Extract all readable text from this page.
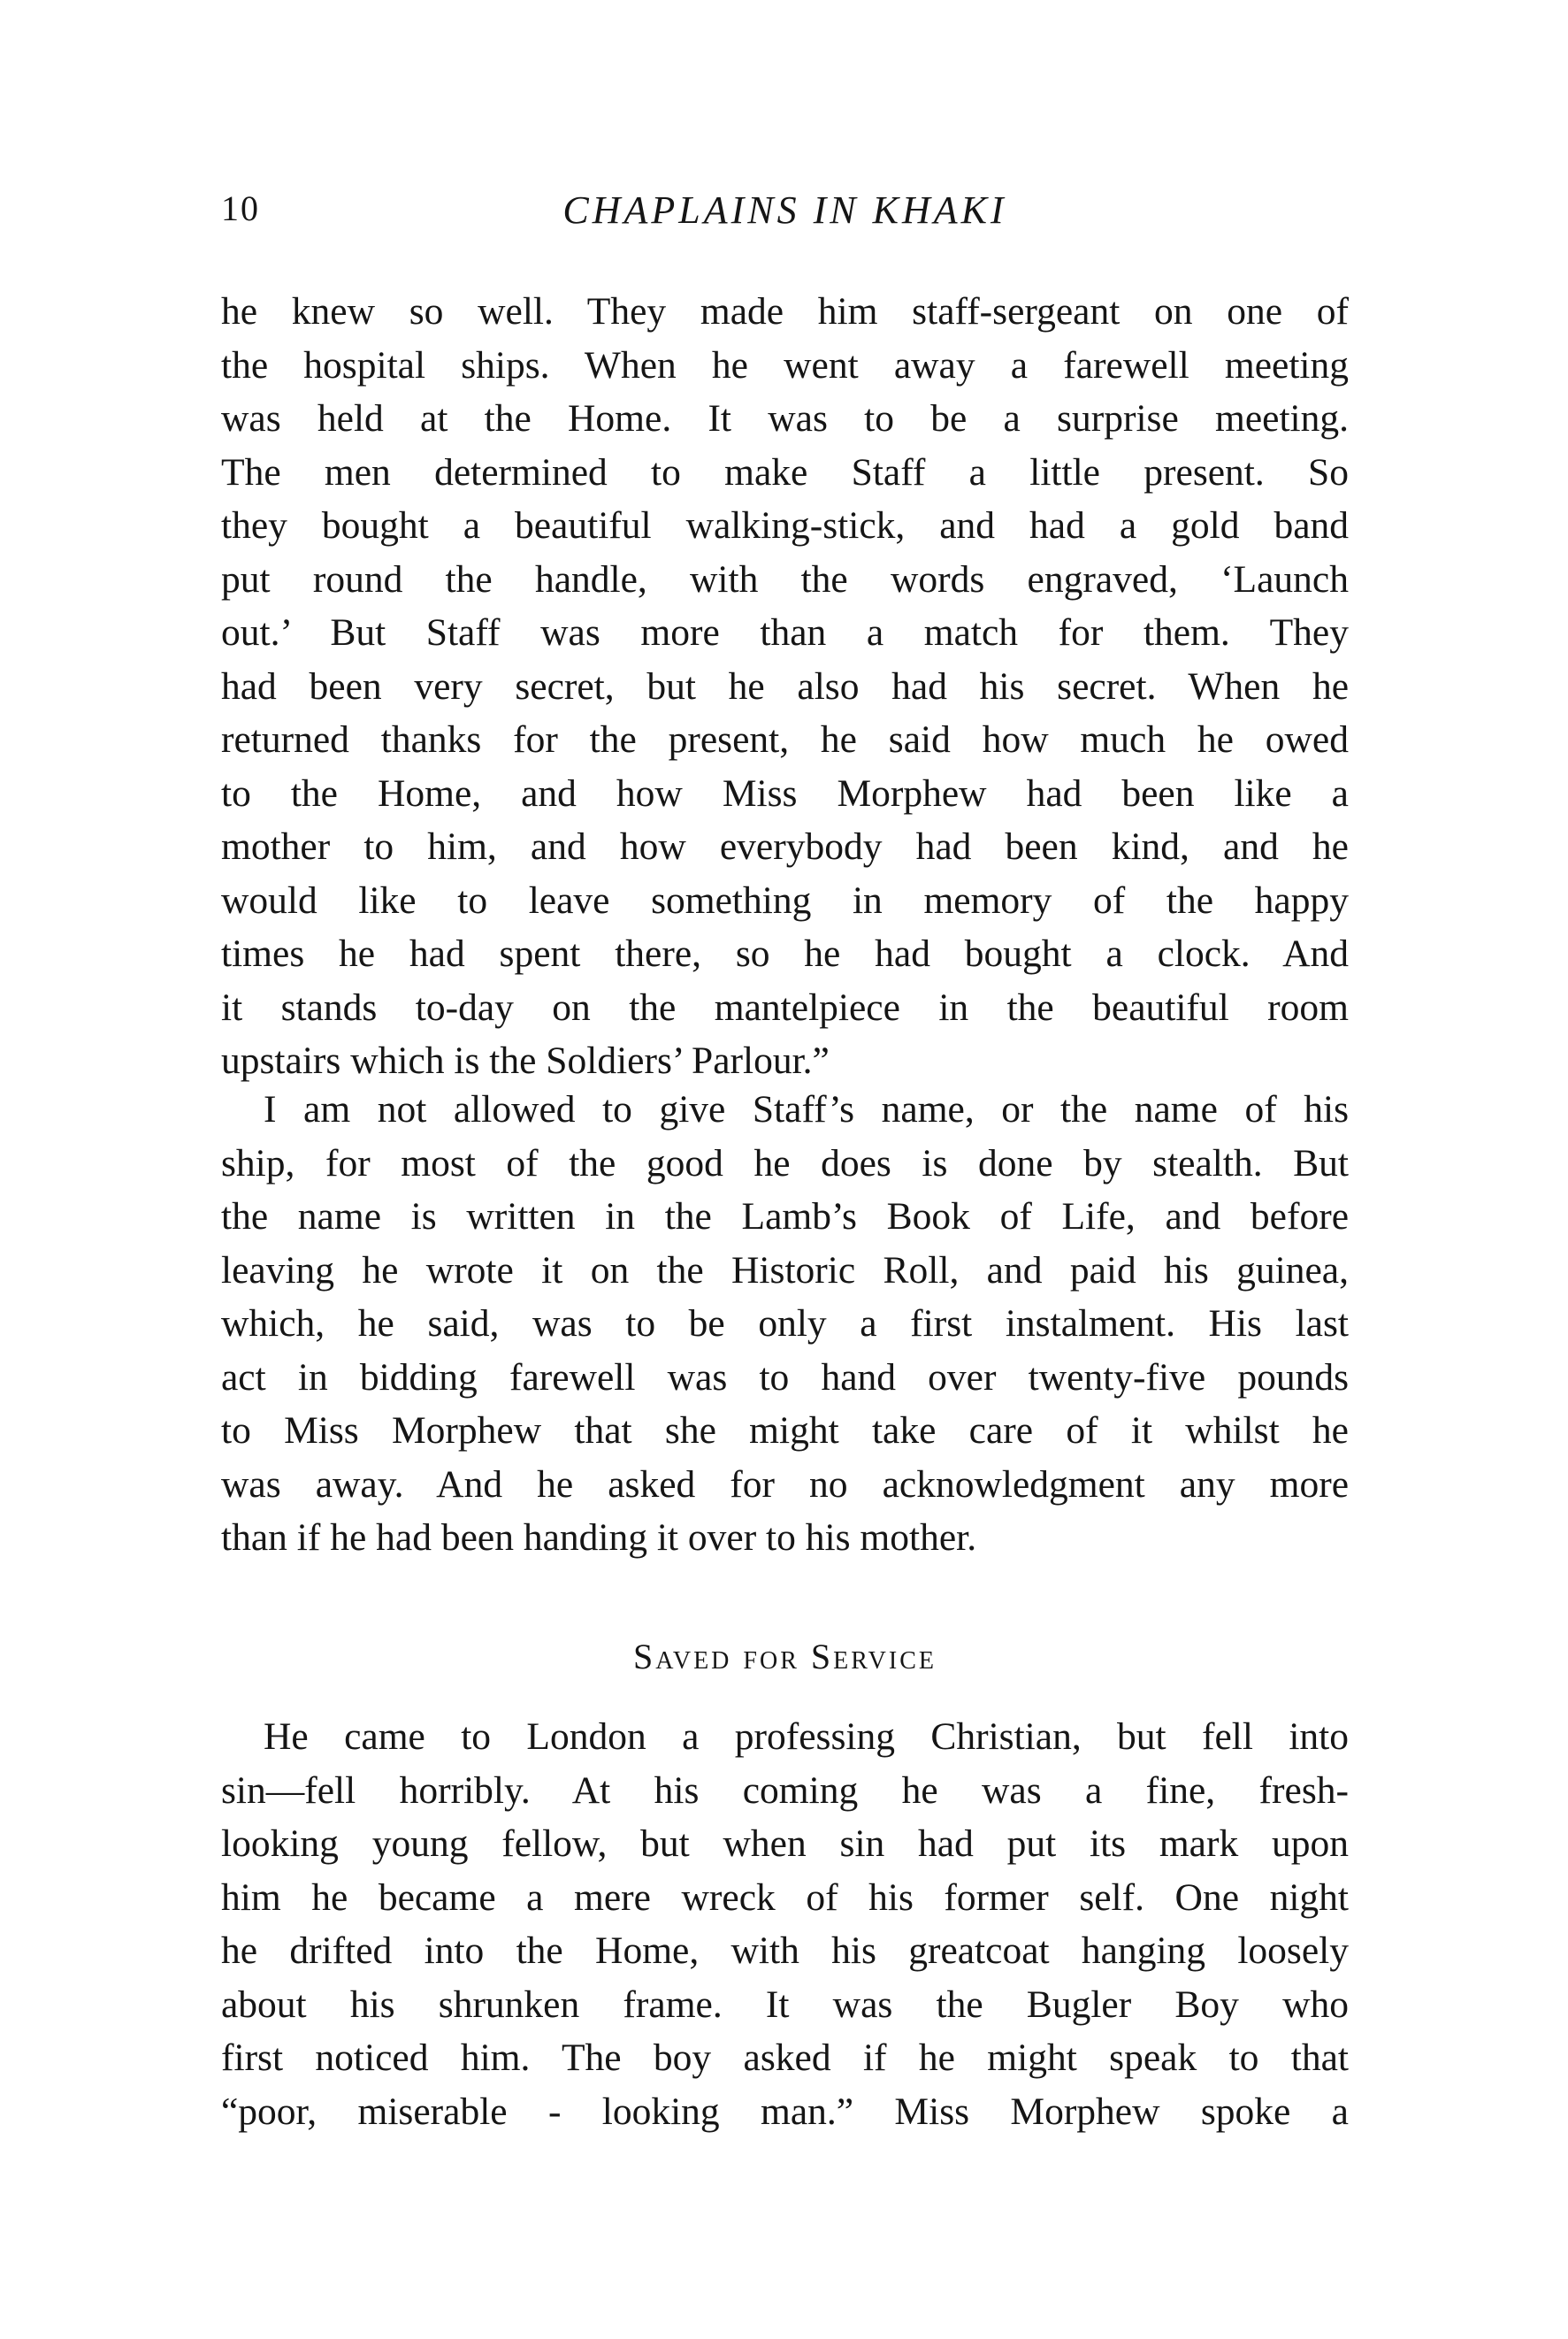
10	CHAPLAINS IN KHAKI
he knew so well. They made him staff-sergeant on one of
the hospital ships. When he went away a farewell meeting
was held at the Home. It was to be a surprise meeting.
The men determined to make Staff a little present. So
they bought a beautiful walking-stick, and had a gold band
put round the handle, with the words engraved, ‘Launch
out.’ But Staff was more than a match for them. They
had been very secret, but he also had his secret. When he
returned thanks for the present, he said how much he owed
to the Home, and how Miss Morphew had been like a
mother to him, and how everybody had been kind, and he
would like to leave something in memory of the happy
times he had spent there, so he had bought a clock. And
it stands to-day on the mantelpiece in the beautiful room
upstairs which is the Soldiers’ Parlour.”
I am not allowed to give Staff’s name, or the name of his
ship, for most of the good he does is done by stealth. But
the name is written in the Lamb’s Book of Life, and before
leaving he wrote it on the Historic Roll, and paid his guinea,
which, he said, was to be only a first instalment. His last
act in bidding farewell was to hand over twenty-five pounds
to Miss Morphew that she might take care of it whilst he
was away. And he asked for no acknowledgment any more
than if he had been handing it over to his mother.
Saved for Service
He came to London a professing Christian, but fell into
sin—fell horribly. At his coming he was a fine, fresh-
looking young fellow, but when sin had put its mark upon
him he became a mere wreck of his former self. One night
he drifted into the Home, with his greatcoat hanging loosely
about his shrunken frame. It was the Bugler Boy who
first noticed him. The boy asked if he might speak to that
“poor, miserable - looking man.” Miss Morphew spoke a
